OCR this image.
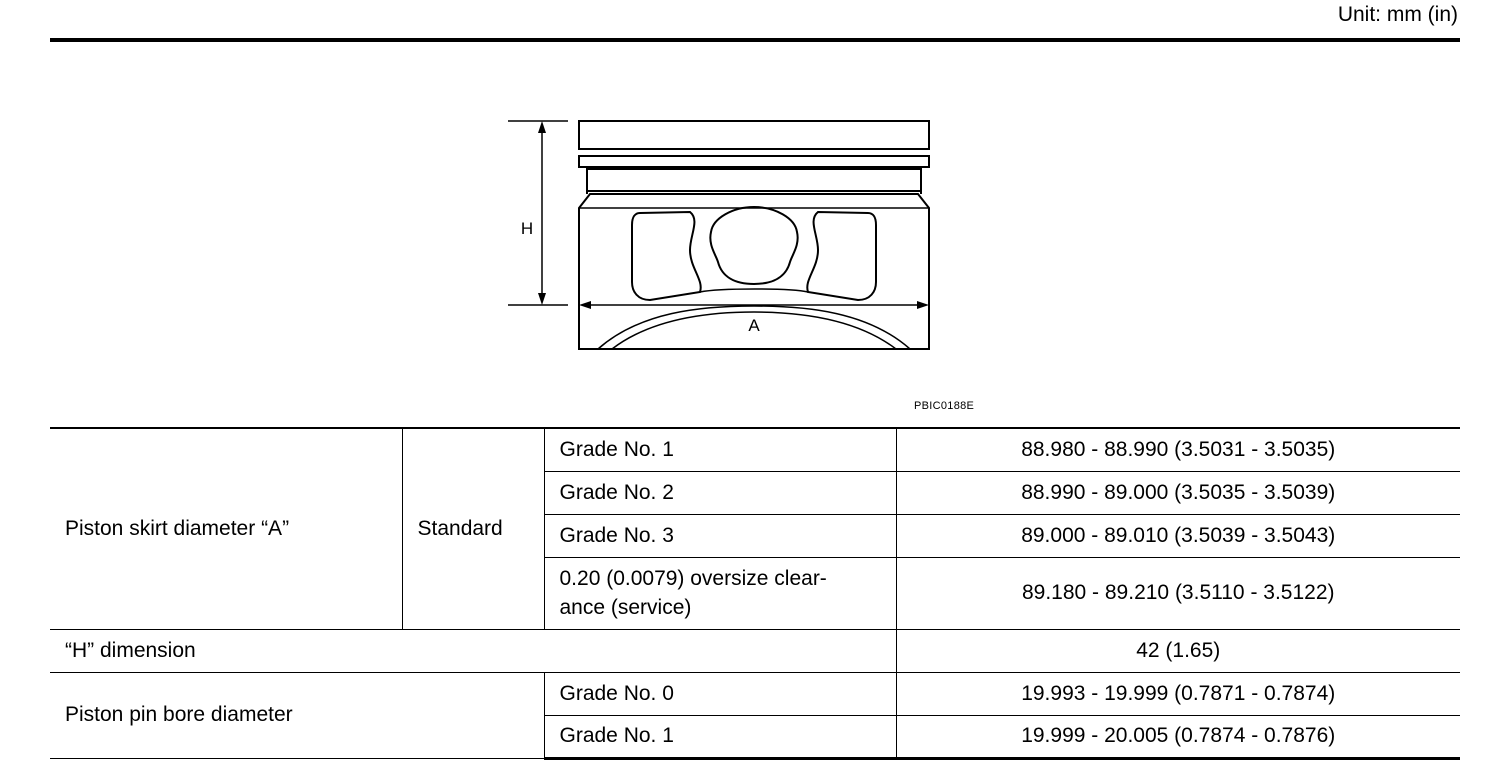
Unit: mm (in)
H
A
PBIC0188E
Piston skirt diameter “A”	Standard	Grade No. 1	88.980 - 88.990 (3.5031 - 3.5035)
		Grade No. 2	88.990 - 89.000 (3.5035 - 3.5039)
		Grade No. 3	89.000 - 89.010 (3.5039 - 3.5043)
		0.20 (0.0079) oversize clear-
ance (service)	89.180 - 89.210 (3.5110 - 3.5122)
“H” dimension			42 (1.65)
Piston pin bore diameter		Grade No. 0	19.993 - 19.999 (0.7871 - 0.7874)
		Grade No. 1	19.999 - 20.005 (0.7874 - 0.7876)
